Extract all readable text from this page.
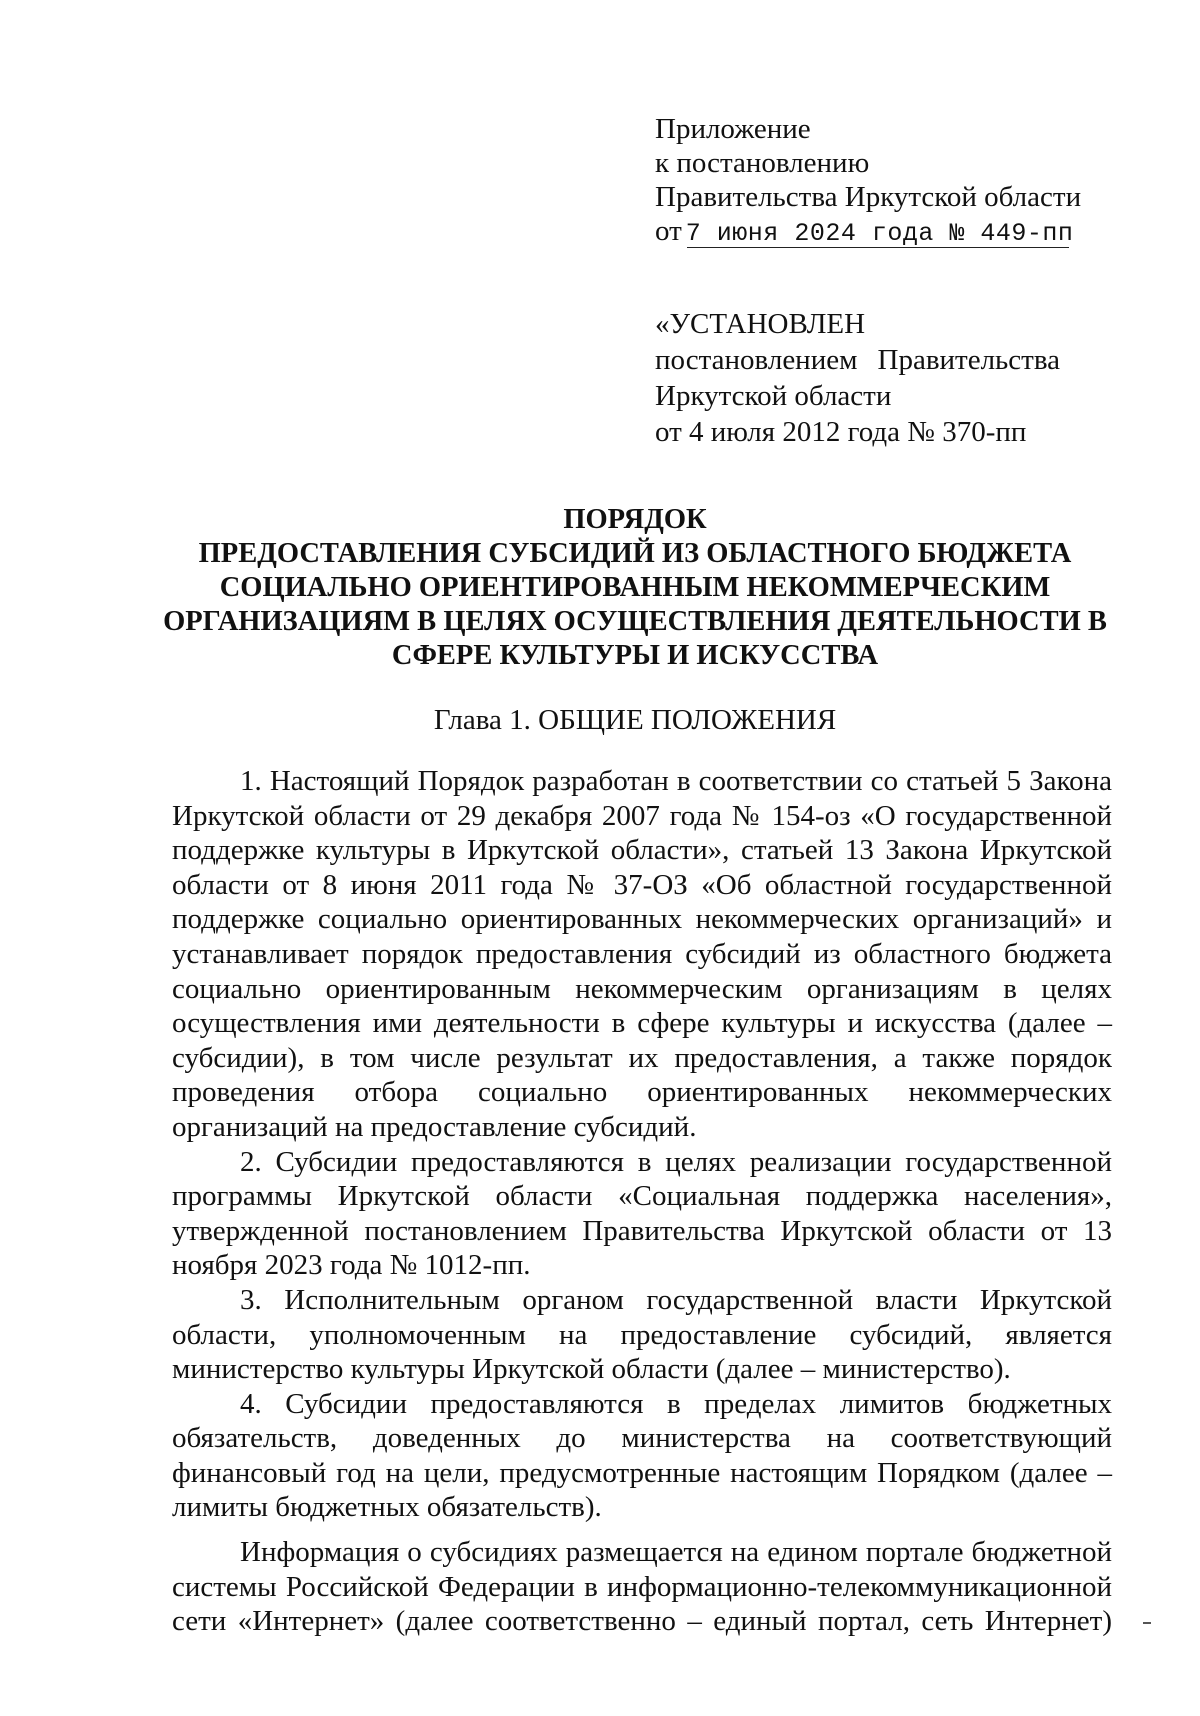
Приложение
к постановлению
Правительства Иркутской области
от 7 июня 2024 года № 449-пп
«УСТАНОВЛЕН
постановлением Правительства
Иркутской области
от 4 июля 2012 года № 370-пп
ПОРЯДОК
ПРЕДОСТАВЛЕНИЯ СУБСИДИЙ ИЗ ОБЛАСТНОГО БЮДЖЕТА
СОЦИАЛЬНО ОРИЕНТИРОВАННЫМ НЕКОММЕРЧЕСКИМ
ОРГАНИЗАЦИЯМ В ЦЕЛЯХ ОСУЩЕСТВЛЕНИЯ ДЕЯТЕЛЬНОСТИ В
СФЕРЕ КУЛЬТУРЫ И ИСКУССТВА
Глава 1. ОБЩИЕ ПОЛОЖЕНИЯ

1. Настоящий Порядок разработан в соответствии со статьей 5 Закона Иркутской области от 29 декабря 2007 года № 154-оз «О государственной поддержке культуры в Иркутской области», статьей 13 Закона Иркутской области от 8 июня 2011 года № 37-ОЗ «Об областной государственной поддержке социально ориентированных некоммерческих организаций» и устанавливает порядок предоставления субсидий из областного бюджета социально ориентированным некоммерческим организациям в целях осуществления ими деятельности в сфере культуры и искусства (далее – субсидии), в том числе результат их предоставления, а также порядок проведения отбора социально ориентированных некоммерческих организаций на предоставление субсидий.

2. Субсидии предоставляются в целях реализации государственной программы Иркутской области «Социальная поддержка населения», утвержденной постановлением Правительства Иркутской области от 13 ноября 2023 года № 1012-пп.

3. Исполнительным органом государственной власти Иркутской области, уполномоченным на предоставление субсидий, является министерство культуры Иркутской области (далее – министерство).

4. Субсидии предоставляются в пределах лимитов бюджетных обязательств, доведенных до министерства на соответствующий финансовый год на цели, предусмотренные настоящим Порядком (далее – лимиты бюджетных обязательств).

Информация о субсидиях размещается на едином портале бюджетной системы Российской Федерации в информационно-телекоммуникационной сети «Интернет» (далее соответственно – единый портал, сеть Интернет)
